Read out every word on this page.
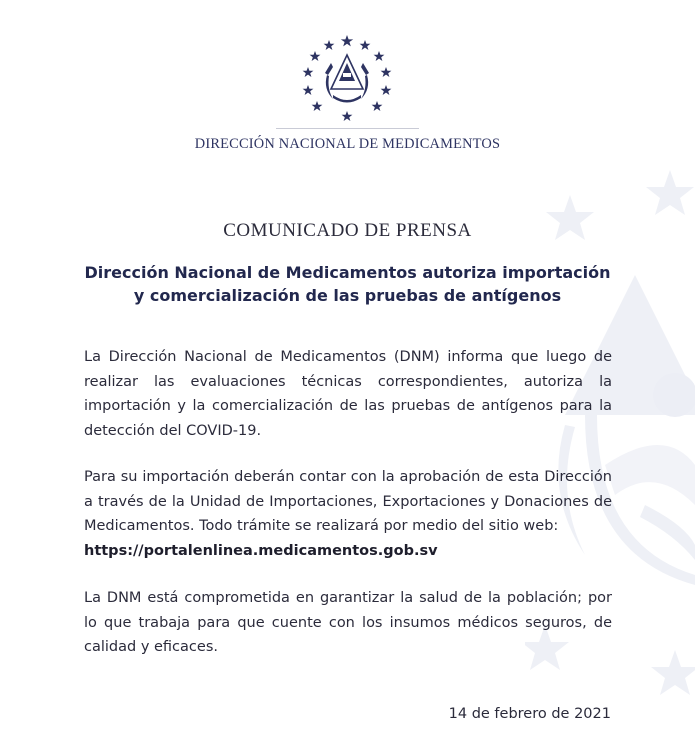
DIRECCIÓN NACIONAL DE MEDICAMENTOS
COMUNICADO DE PRENSA
Dirección Nacional de Medicamentos autoriza importación
y comercialización de las pruebas de antígenos
La Dirección Nacional de Medicamentos (DNM) informa que luego de realizar las evaluaciones técnicas correspondientes, autoriza la importación y la comercialización de las pruebas de antígenos para la detección del COVID-19.
Para su importación deberán contar con la aprobación de esta Dirección a través de la Unidad de Importaciones, Exportaciones y Donaciones de Medicamentos. Todo trámite se realizará por medio del sitio web:
https://portalenlinea.medicamentos.gob.sv
La DNM está comprometida en garantizar la salud de la población; por lo que trabaja para que cuente con los insumos médicos seguros, de calidad y eficaces.
14 de febrero de 2021
